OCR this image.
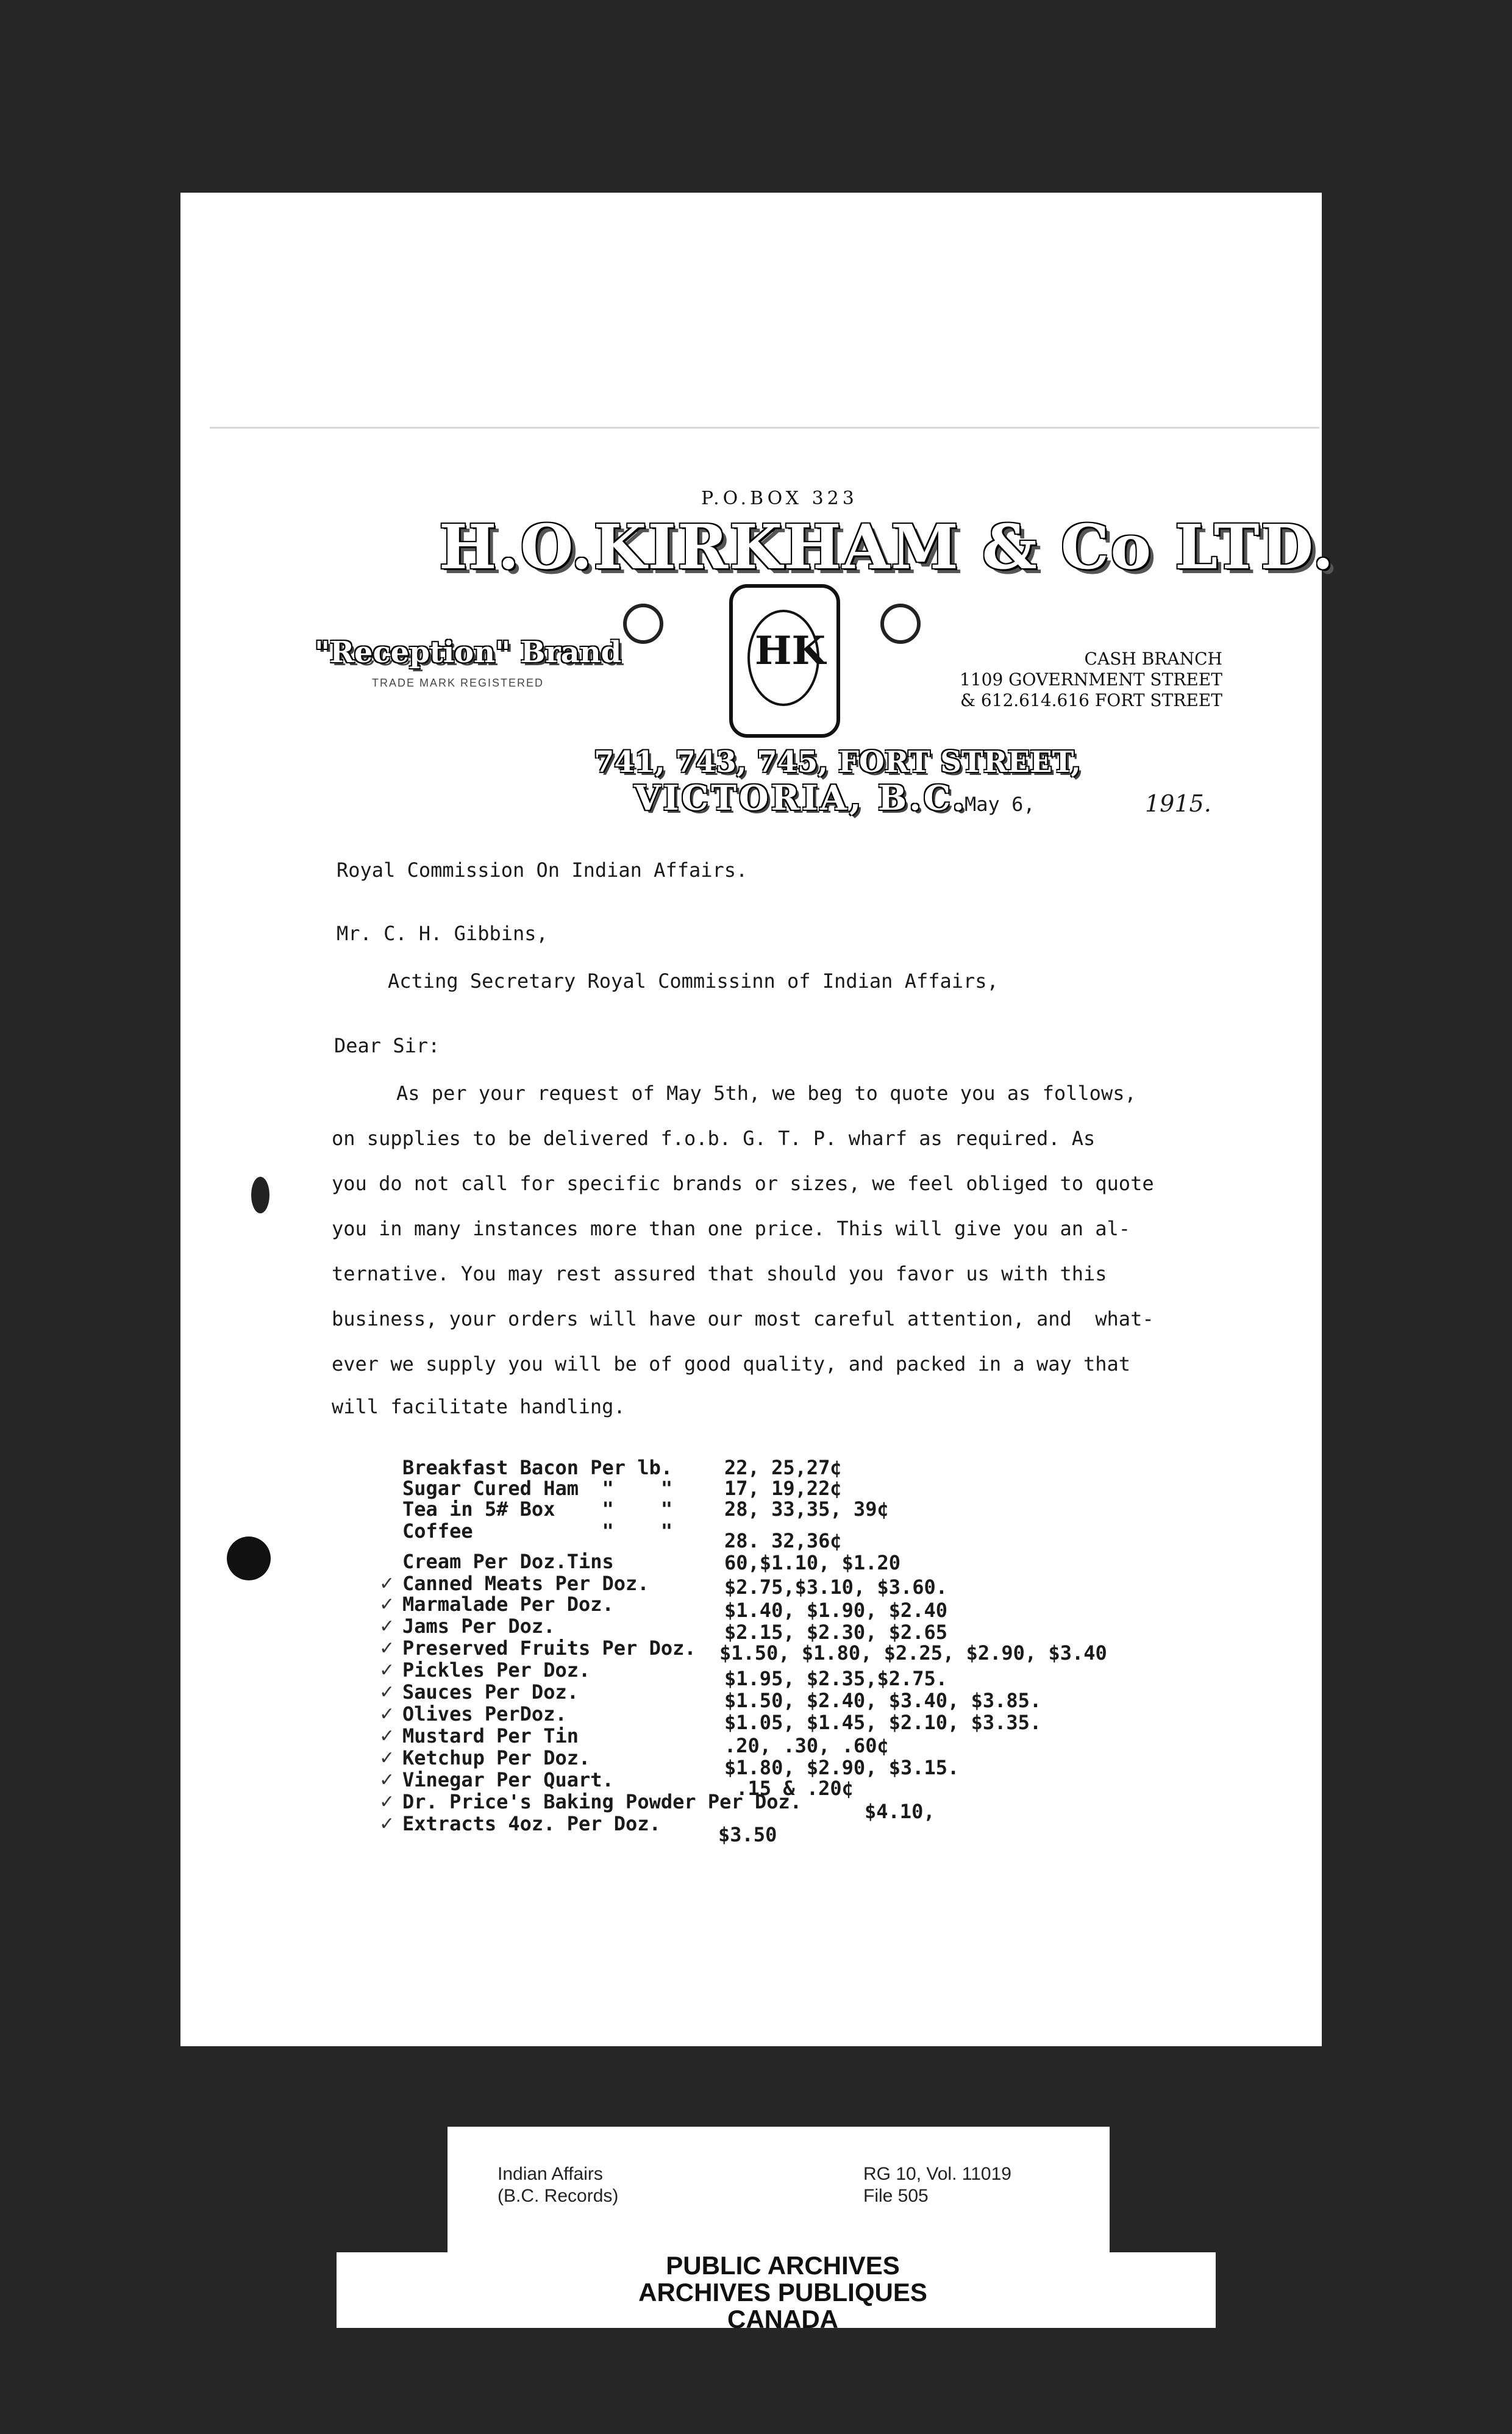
P.O.BOX 323
H.O.KIRKHAM & Co LTD.
"Reception" Brand
TRADE MARK REGISTERED
HK	CASH BRANCH
1109 GOVERNMENT STREET
& 612.614.616 FORT STREET
741, 743, 745, FORT STREET,
VICTORIA, B.C.
May 6,	1915.
Royal Commission On Indian Affairs.
Mr. C. H. Gibbins,
Acting Secretary Royal Commissinn of Indian Affairs,
Dear Sir:
As per your request of May 5th, we beg to quote you as follows,
on supplies to be delivered f.o.b. G. T. P. wharf as required. As
you do not call for specific brands or sizes, we feel obliged to quote
you in many instances more than one price. This will give you an al-
ternative. You may rest assured that should you favor us with this
business, your orders will have our most careful attention, and  what-
ever we supply you will be of good quality, and packed in a way that
will facilitate handling.
Breakfast Bacon Per lb.	22, 25,27¢
Sugar Cured Ham  "    "	17, 19,22¢
Tea in 5# Box    "    "	28, 33,35, 39¢
Coffee           "    "	28. 32,36¢
Cream Per Doz.Tins	60,$1.10, $1.20
✓ Canned Meats Per Doz.	$2.75,$3.10, $3.60.
✓ Marmalade Per Doz.	$1.40, $1.90, $2.40
✓ Jams Per Doz.	$2.15, $2.30, $2.65
✓ Preserved Fruits Per Doz. $1.50, $1.80, $2.25, $2.90, $3.40
✓ Pickles Per Doz.	$1.95, $2.35,$2.75.
✓ Sauces Per Doz.	$1.50, $2.40, $3.40, $3.85.
✓ Olives PerDoz.	$1.05, $1.45, $2.10, $3.35.
✓ Mustard Per Tin	.20, .30, .60¢
✓ Ketchup Per Doz.	$1.80, $2.90, $3.15.
✓ Vinegar Per Quart.	.15 & .20¢
✓ Dr. Price's Baking Powder Per Doz.	$4.10,
✓ Extracts 4oz. Per Doz.	$3.50
Indian Affairs
(B.C. Records)
RG 10, Vol. 11019
File 505
PUBLIC ARCHIVES
ARCHIVES PUBLIQUES
CANADA
